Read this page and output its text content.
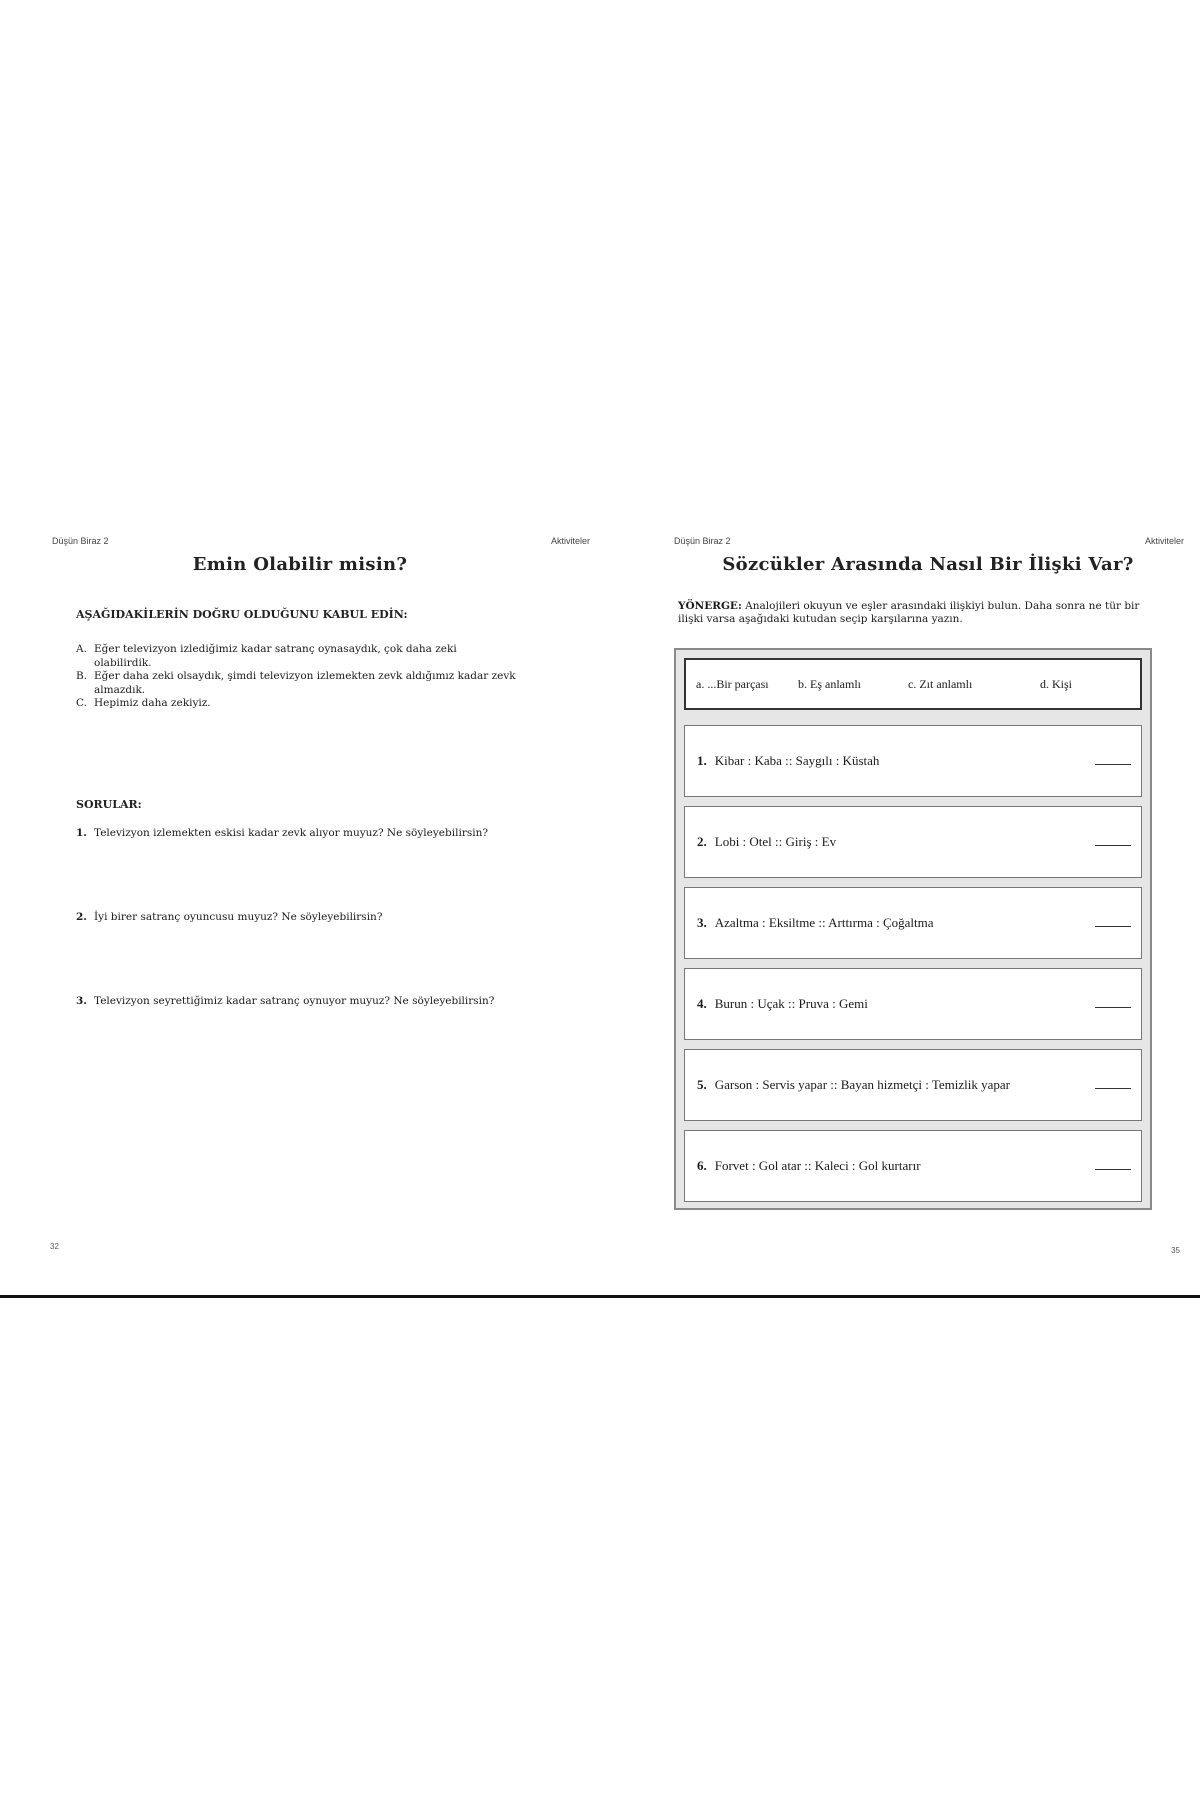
Düşün Biraz 2	Aktiviteler
Emin Olabilir misin?
AŞAĞIDAKİLERİN DOĞRU OLDUĞUNU KABUL EDİN:
A. Eğer televizyon izlediğimiz kadar satranç oynasaydık, çok daha zeki olabilirdik.
B. Eğer daha zeki olsaydık, şimdi televizyon izlemekten zevk aldığımız kadar zevk almazdık.
C. Hepimiz daha zekiyiz.
SORULAR:
1. Televizyon izlemekten eskisi kadar zevk alıyor muyuz? Ne söyleyebilirsin?
2. İyi birer satranç oyuncusu muyuz? Ne söyleyebilirsin?
3. Televizyon seyrettiğimiz kadar satranç oynuyor muyuz? Ne söyleyebilirsin?
32
Düşün Biraz 2	Aktiviteler
Sözcükler Arasında Nasıl Bir İlişki Var?
YÖNERGE: Analojileri okuyun ve eşler arasındaki ilişkiyi bulun. Daha sonra ne tür bir ilişki varsa aşağıdaki kutudan seçip karşılarına yazın.
a. ...Bir parçası	b. Eş anlamlı	c. Zıt anlamlı	d. Kişi
1. Kibar : Kaba :: Saygılı : Küstah
2. Lobi : Otel :: Giriş : Ev
3. Azaltma : Eksiltme :: Arttırma : Çoğaltma
4. Burun : Uçak :: Pruva : Gemi
5. Garson : Servis yapar :: Bayan hizmetçi : Temizlik yapar
6. Forvet : Gol atar :: Kaleci : Gol kurtarır
35
